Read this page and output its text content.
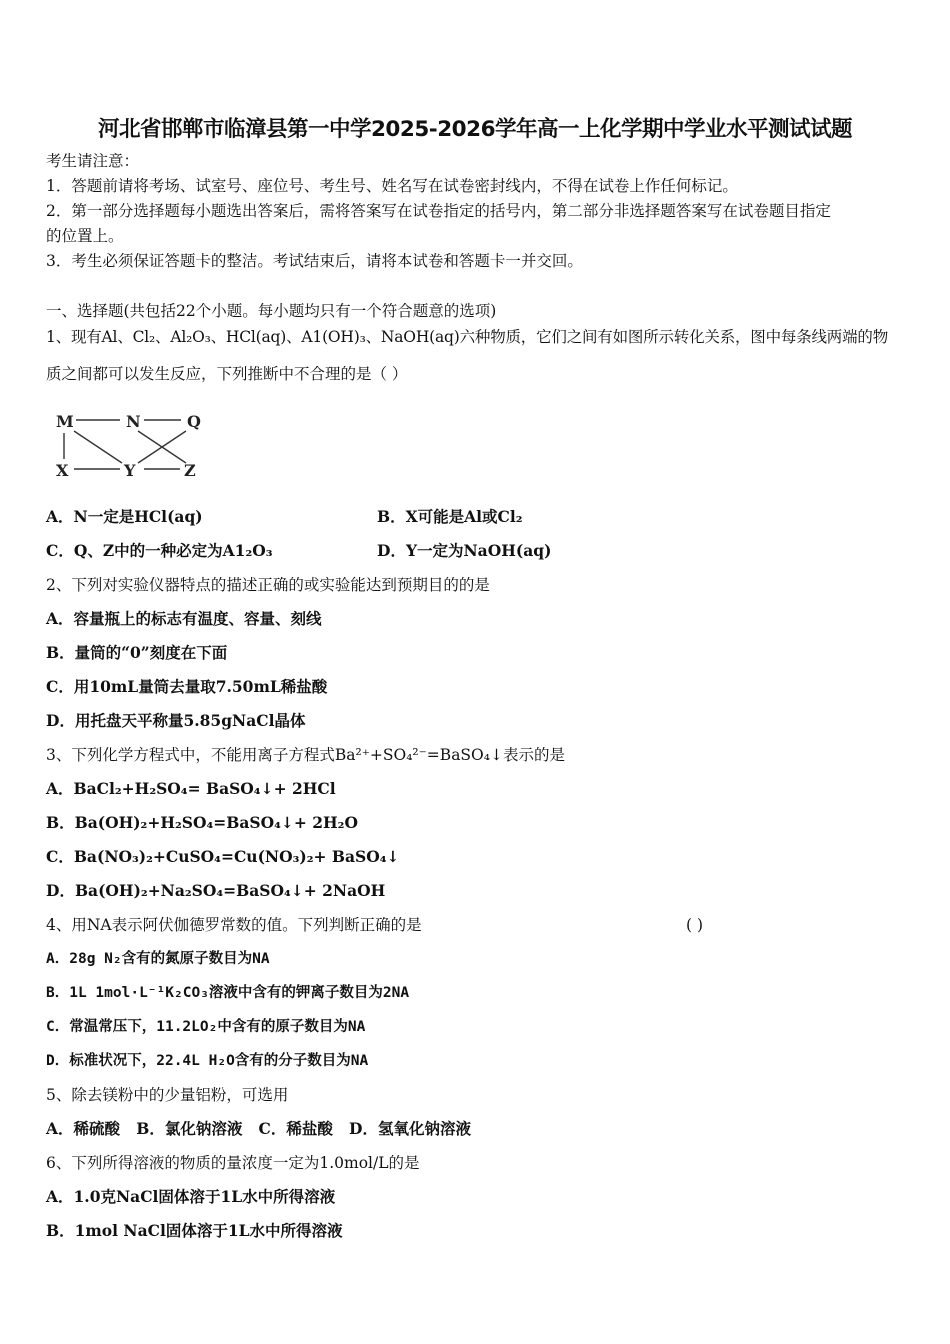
河北省邯郸市临漳县第一中学2025-2026学年高一上化学期中学业水平测试试题
考生请注意：
1．答题前请将考场、试室号、座位号、考生号、姓名写在试卷密封线内，不得在试卷上作任何标记。
2．第一部分选择题每小题选出答案后，需将答案写在试卷指定的括号内，第二部分非选择题答案写在试卷题目指定
的位置上。
3．考生必须保证答题卡的整洁。考试结束后，请将本试卷和答题卡一并交回。
一、选择题(共包括22个小题。每小题均只有一个符合题意的选项)
1、现有Al、Cl₂、Al₂O₃、HCl(aq)、A1(OH)₃、NaOH(aq)六种物质，它们之间有如图所示转化关系，图中每条线两端的物
质之间都可以发生反应，下列推断中不合理的是（ ）
M	N	Q
X	Y	Z
A．N一定是HCl(aq)	B．X可能是Al或Cl₂
C．Q、Z中的一种必定为A1₂O₃	D．Y一定为NaOH(aq)
2、下列对实验仪器特点的描述正确的或实验能达到预期目的的是
A．容量瓶上的标志有温度、容量、刻线
B．量筒的“0”刻度在下面
C．用10mL量筒去量取7.50mL稀盐酸
D．用托盘天平称量5.85gNaCl晶体
3、下列化学方程式中，不能用离子方程式Ba²⁺+SO₄²⁻=BaSO₄↓表示的是
A．BaCl₂+H₂SO₄= BaSO₄↓+ 2HCl
B．Ba(OH)₂+H₂SO₄=BaSO₄↓+ 2H₂O
C．Ba(NO₃)₂+CuSO₄=Cu(NO₃)₂+ BaSO₄↓
D．Ba(OH)₂+Na₂SO₄=BaSO₄↓+ 2NaOH
4、用NA表示阿伏伽德罗常数的值。下列判断正确的是	( )
A．28g N₂含有的氮原子数目为NA
B．1L 1mol·L⁻¹K₂CO₃溶液中含有的钾离子数目为2NA
C．常温常压下，11.2LO₂中含有的原子数目为NA
D．标准状况下，22.4L H₂O含有的分子数目为NA
5、除去镁粉中的少量铝粉，可选用
A．稀硫酸   B．氯化钠溶液   C．稀盐酸   D．氢氧化钠溶液
6、下列所得溶液的物质的量浓度一定为1.0mol/L的是
A．1.0克NaCl固体溶于1L水中所得溶液
B．1mol NaCl固体溶于1L水中所得溶液
